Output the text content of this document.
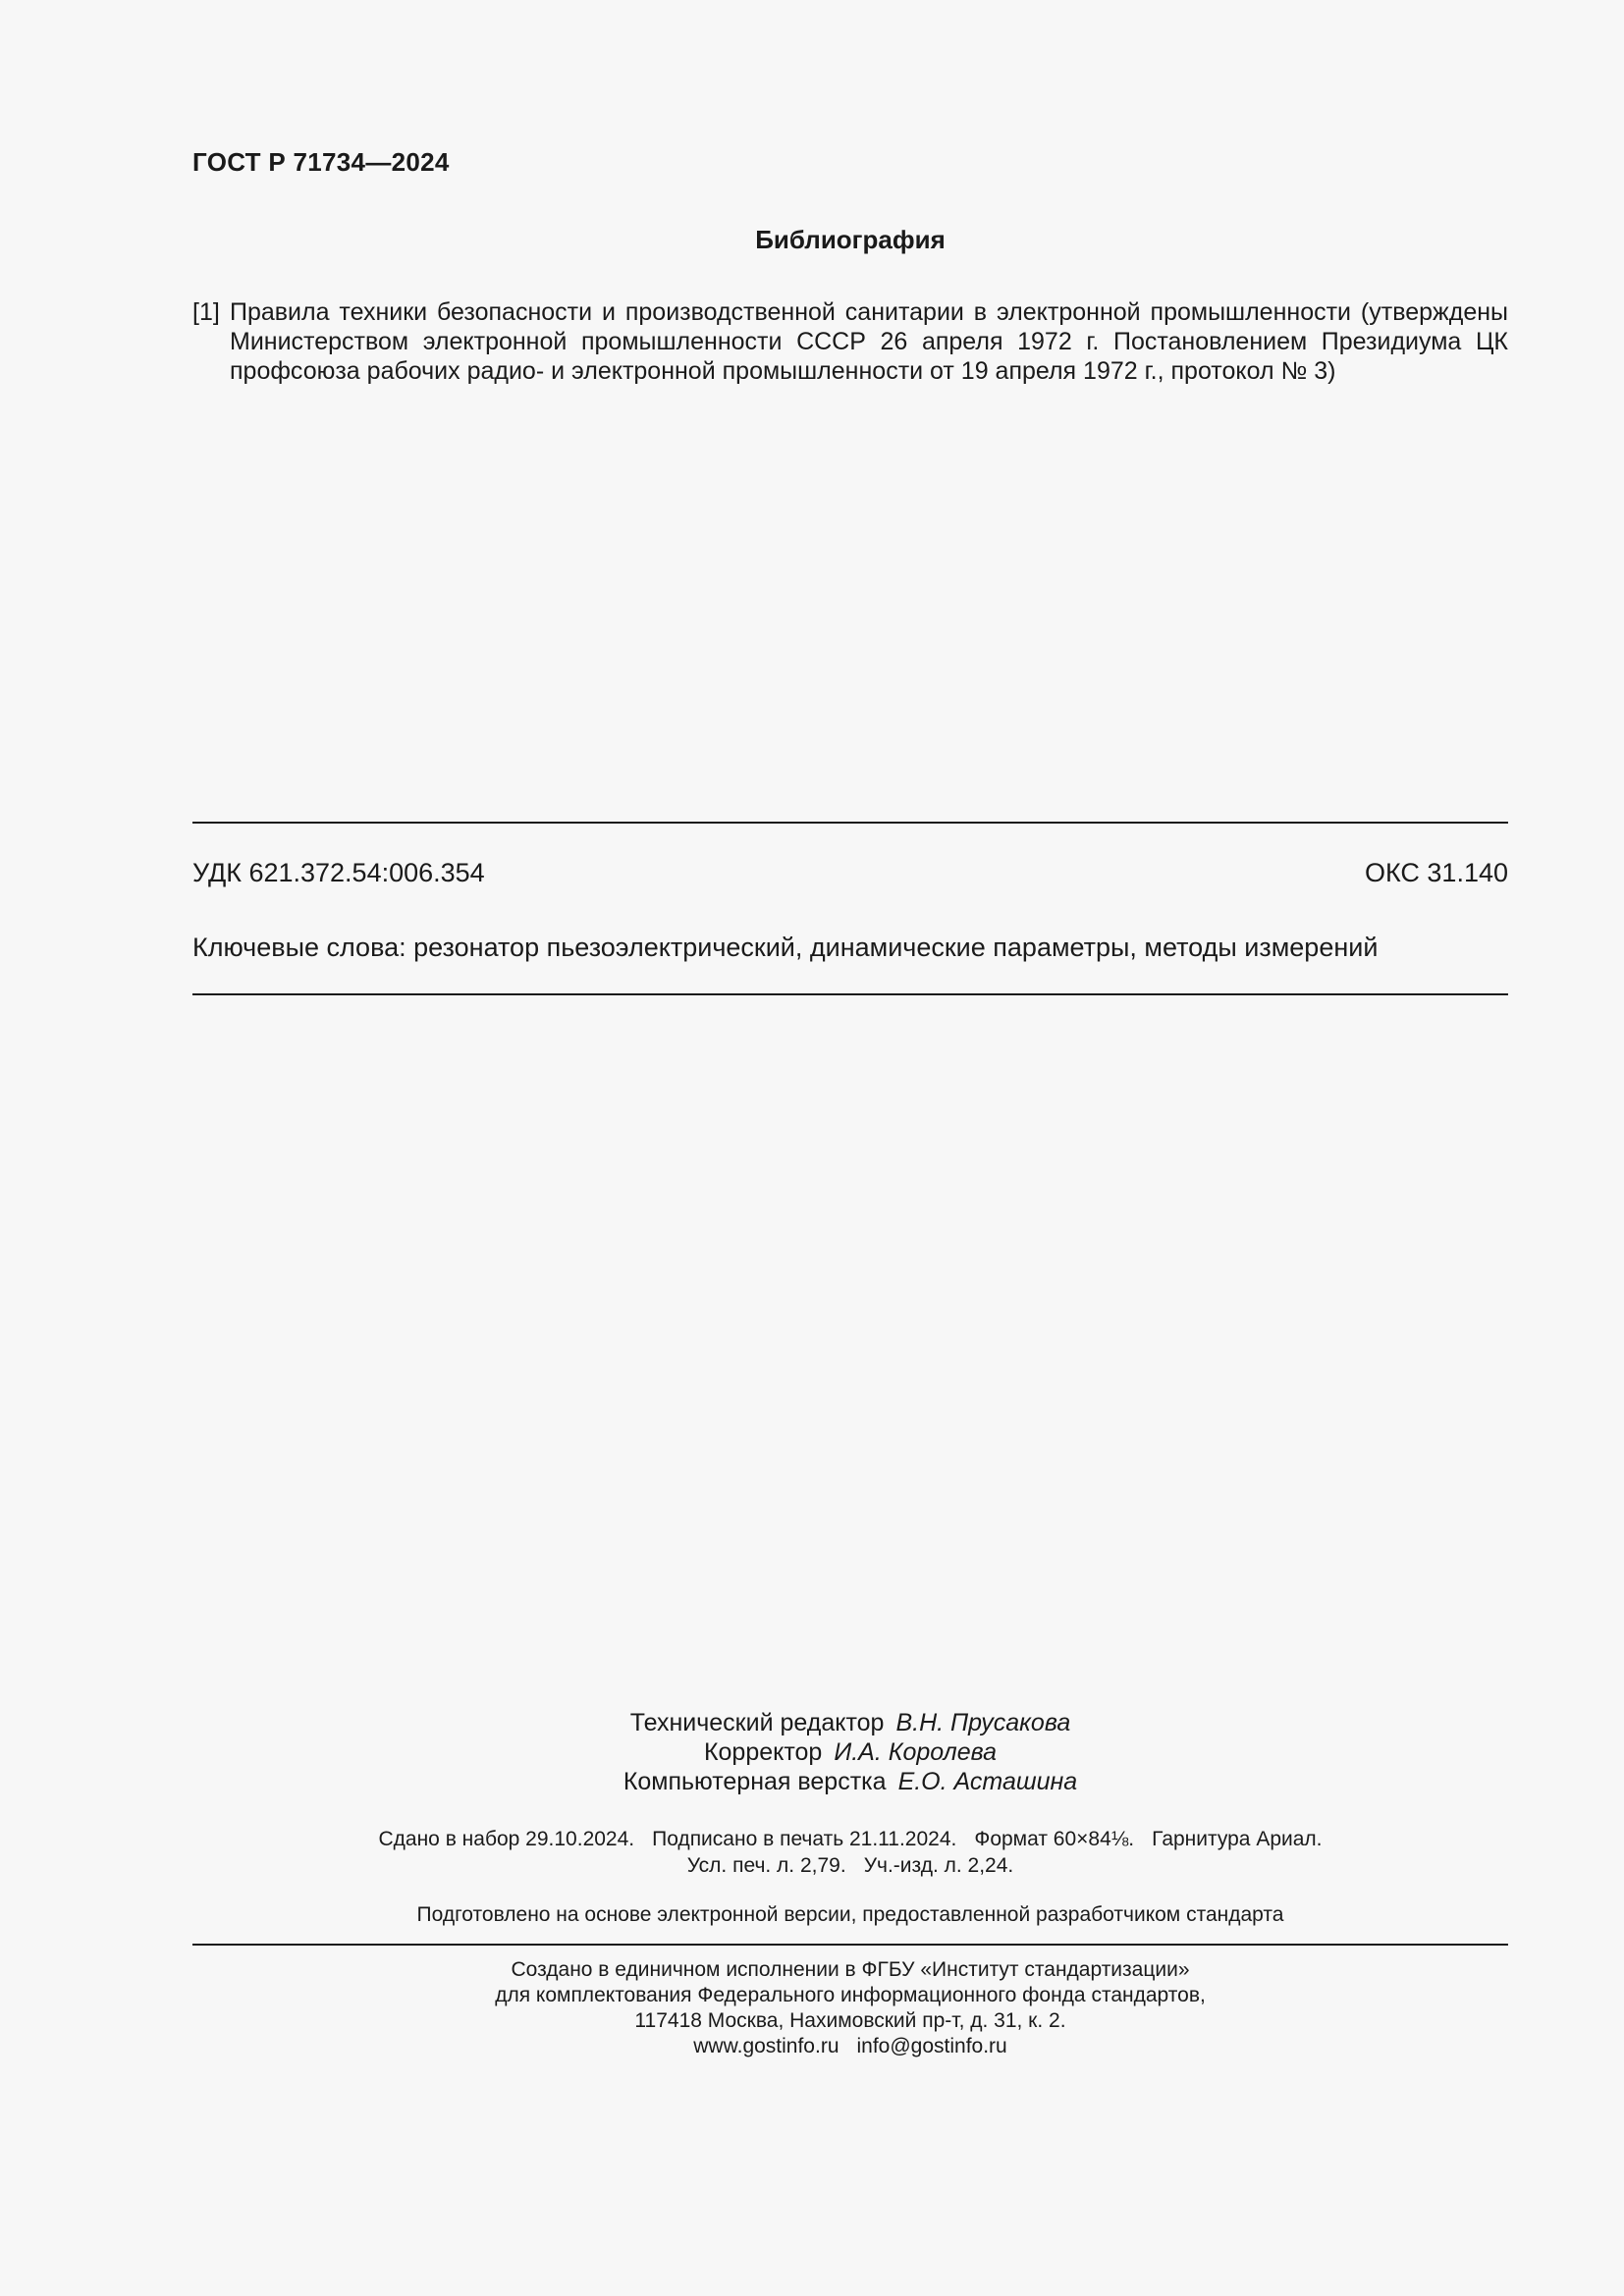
ГОСТ Р 71734—2024
Библиография
[1] Правила техники безопасности и производственной санитарии в электронной промышленности (утверждены Министерством электронной промышленности СССР 26 апреля 1972 г. Постановлением Президиума ЦК профсоюза рабочих радио- и электронной промышленности от 19 апреля 1972 г., протокол № 3)
УДК 621.372.54:006.354	ОКС 31.140
Ключевые слова: резонатор пьезоэлектрический, динамические параметры, методы измерений
Технический редактор В.Н. Прусакова
Корректор И.А. Королева
Компьютерная верстка Е.О. Асташина
Сдано в набор 29.10.2024. Подписано в печать 21.11.2024. Формат 60×84⅛. Гарнитура Ариал.
Усл. печ. л. 2,79. Уч.-изд. л. 2,24.
Подготовлено на основе электронной версии, предоставленной разработчиком стандарта
Создано в единичном исполнении в ФГБУ «Институт стандартизации»
для комплектования Федерального информационного фонда стандартов,
117418 Москва, Нахимовский пр-т, д. 31, к. 2.
www.gostinfo.ru info@gostinfo.ru
